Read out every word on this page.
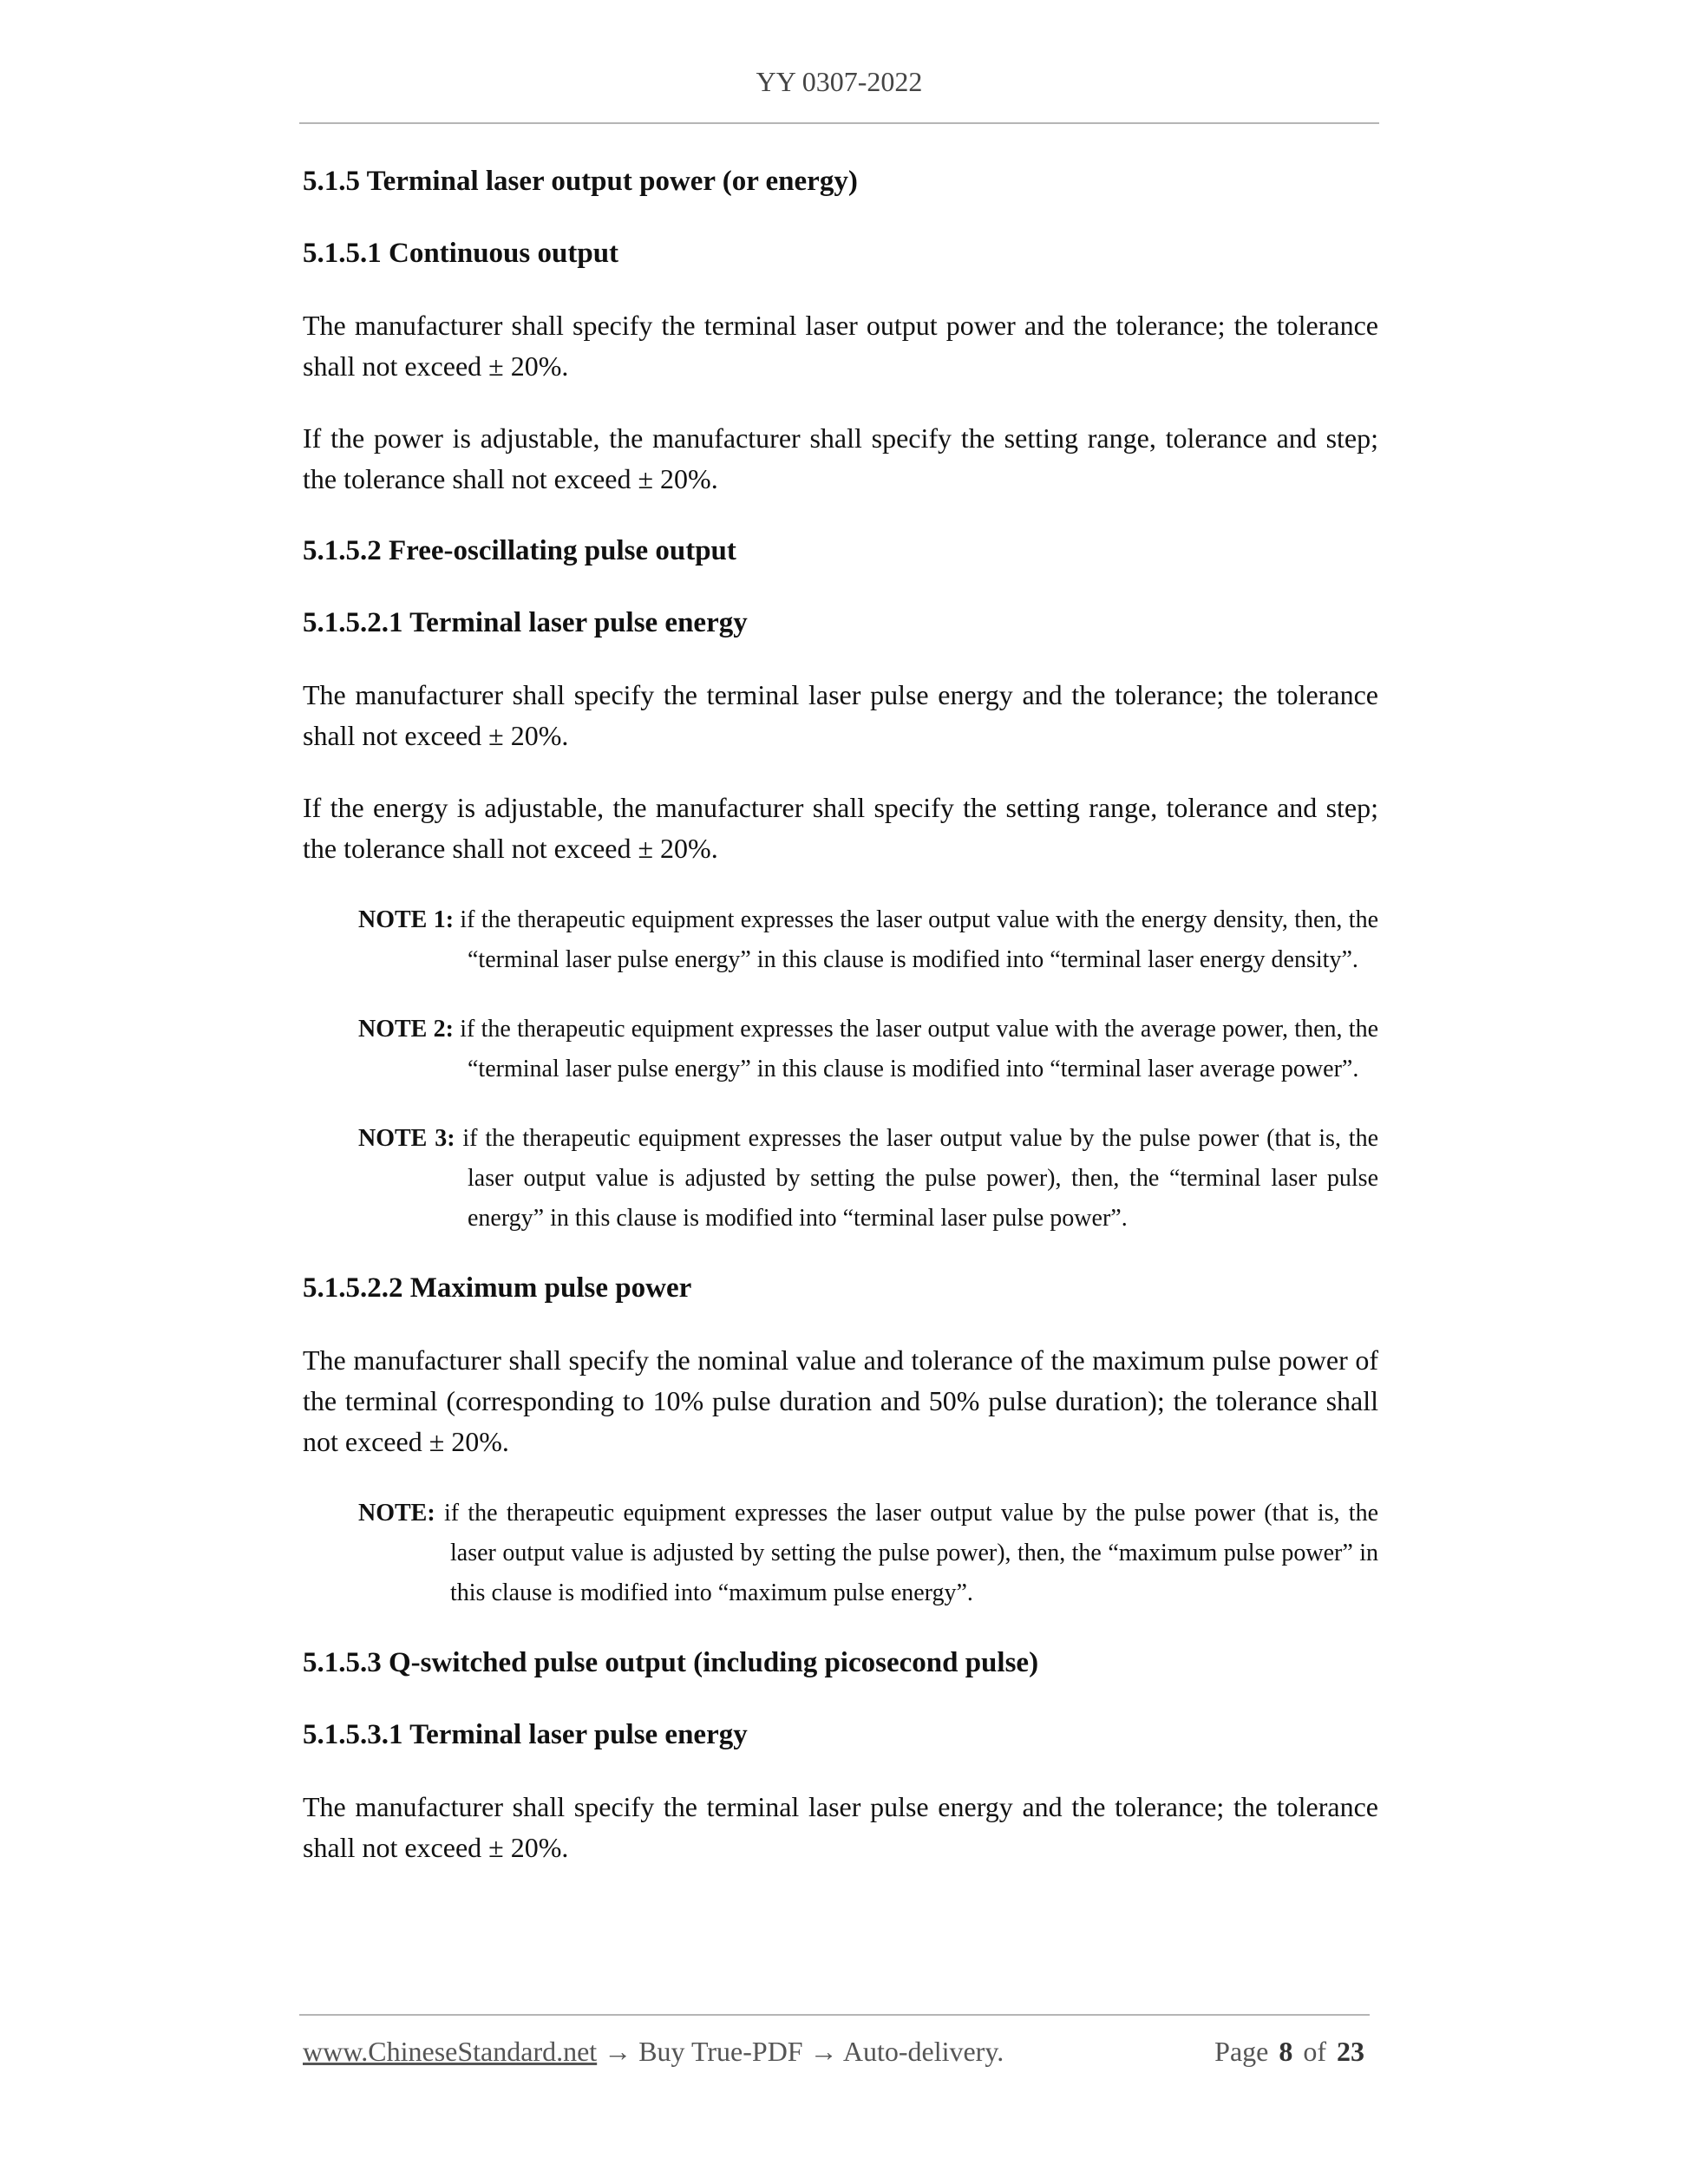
YY 0307-2022
5.1.5 Terminal laser output power (or energy)
5.1.5.1 Continuous output
The manufacturer shall specify the terminal laser output power and the tolerance; the tolerance shall not exceed ± 20%.
If the power is adjustable, the manufacturer shall specify the setting range, tolerance and step; the tolerance shall not exceed ± 20%.
5.1.5.2 Free-oscillating pulse output
5.1.5.2.1 Terminal laser pulse energy
The manufacturer shall specify the terminal laser pulse energy and the tolerance; the tolerance shall not exceed ± 20%.
If the energy is adjustable, the manufacturer shall specify the setting range, tolerance and step; the tolerance shall not exceed ± 20%.
NOTE 1: if the therapeutic equipment expresses the laser output value with the energy density, then, the “terminal laser pulse energy” in this clause is modified into “terminal laser energy density”.
NOTE 2: if the therapeutic equipment expresses the laser output value with the average power, then, the “terminal laser pulse energy” in this clause is modified into “terminal laser average power”.
NOTE 3: if the therapeutic equipment expresses the laser output value by the pulse power (that is, the laser output value is adjusted by setting the pulse power), then, the “terminal laser pulse energy” in this clause is modified into “terminal laser pulse power”.
5.1.5.2.2 Maximum pulse power
The manufacturer shall specify the nominal value and tolerance of the maximum pulse power of the terminal (corresponding to 10% pulse duration and 50% pulse duration); the tolerance shall not exceed ± 20%.
NOTE: if the therapeutic equipment expresses the laser output value by the pulse power (that is, the laser output value is adjusted by setting the pulse power), then, the “maximum pulse power” in this clause is modified into “maximum pulse energy”.
5.1.5.3 Q-switched pulse output (including picosecond pulse)
5.1.5.3.1 Terminal laser pulse energy
The manufacturer shall specify the terminal laser pulse energy and the tolerance; the tolerance shall not exceed ± 20%.
www.ChineseStandard.net → Buy True-PDF → Auto-delivery.	Page 8 of 23
